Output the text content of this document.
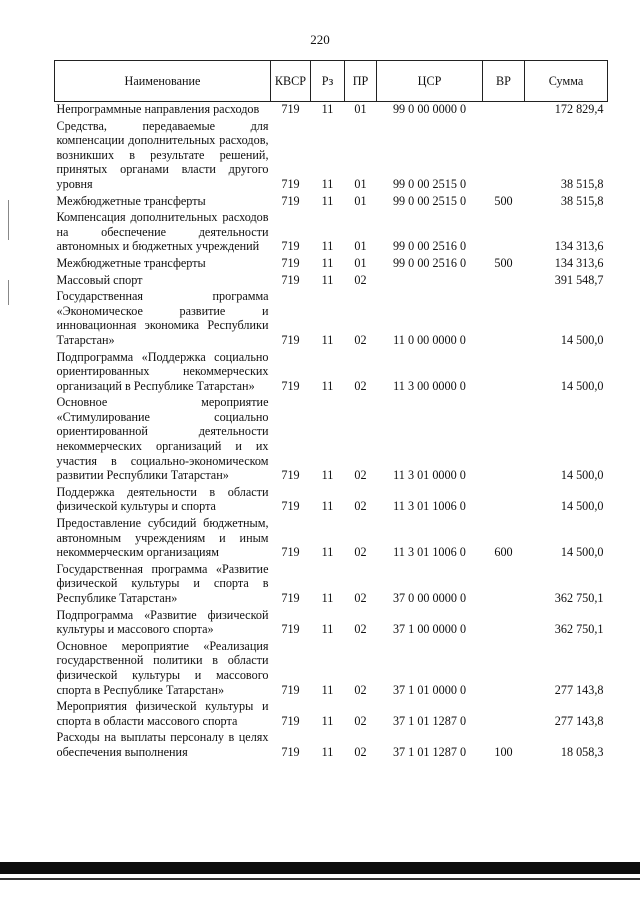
220
Наименование	КВСР	Рз	ПР	ЦСР	ВР	Сумма
Непрограммные направления расходов	719	11	01	99 0 00 0000 0		172 829,4
Средства, передаваемые для компенсации дополнительных расходов, возникших в результате решений, принятых органами власти другого уровня	719	11	01	99 0 00 2515 0		38 515,8
Межбюджетные трансферты	719	11	01	99 0 00 2515 0	500	38 515,8
Компенсация дополнительных расходов на обеспечение деятельности автономных и бюджетных учреждений	719	11	01	99 0 00 2516 0		134 313,6
Межбюджетные трансферты	719	11	01	99 0 00 2516 0	500	134 313,6
Массовый спорт	719	11	02			391 548,7
Государственная программа «Экономическое развитие и инновационная экономика Республики Татарстан»	719	11	02	11 0 00 0000 0		14 500,0
Подпрограмма «Поддержка социально ориентированных некоммерческих организаций в Республике Татарстан»	719	11	02	11 3 00 0000 0		14 500,0
Основное мероприятие «Стимулирование социально ориентированной деятельности некоммерческих организаций и их участия в социально-экономическом развитии Республики Татарстан»	719	11	02	11 3 01 0000 0		14 500,0
Поддержка деятельности в области физической культуры и спорта	719	11	02	11 3 01 1006 0		14 500,0
Предоставление субсидий бюджетным, автономным учреждениям и иным некоммерческим организациям	719	11	02	11 3 01 1006 0	600	14 500,0
Государственная программа «Развитие физической культуры и спорта в Республике Татарстан»	719	11	02	37 0 00 0000 0		362 750,1
Подпрограмма «Развитие физической культуры и массового спорта»	719	11	02	37 1 00 0000 0		362 750,1
Основное мероприятие «Реализация государственной политики в области физической культуры и массового спорта в Республике Татарстан»	719	11	02	37 1 01 0000 0		277 143,8
Мероприятия физической культуры и спорта в области массового спорта	719	11	02	37 1 01 1287 0		277 143,8
Расходы на выплаты персоналу в целях обеспечения выполнения	719	11	02	37 1 01 1287 0	100	18 058,3
